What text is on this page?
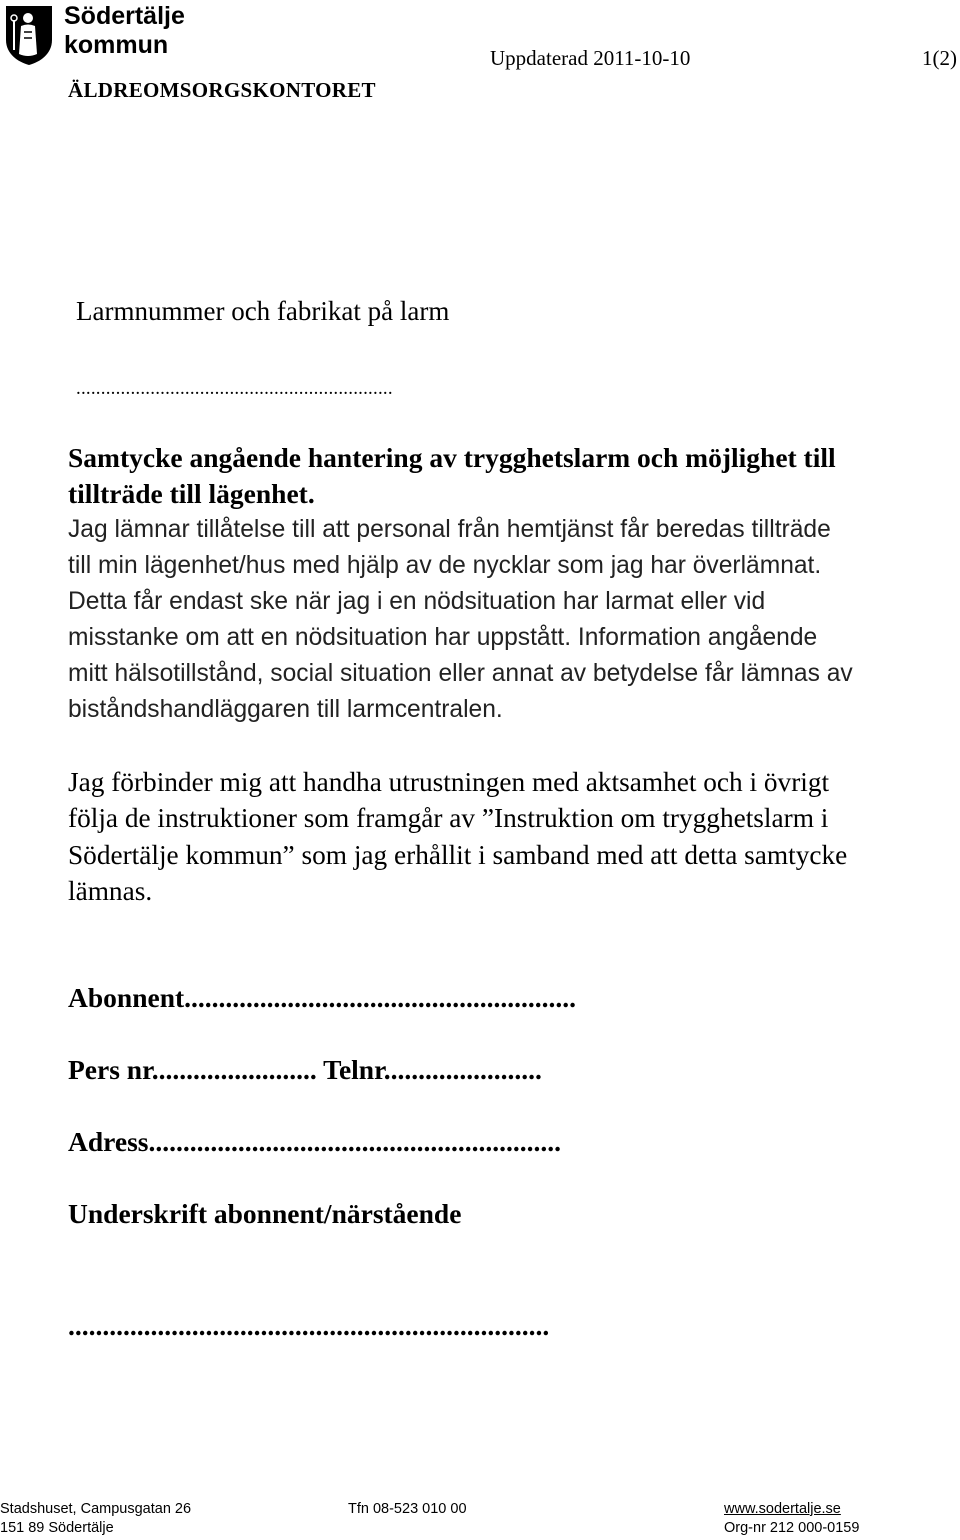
Södertälje
kommun
ÄLDREOMSORGSKONTORET
Uppdaterad 2011-10-10	1(2)
Larmnummer och fabrikat på larm
................................................................
Samtycke angående hantering av trygghetslarm och möjlighet till tillträde till lägenhet.
Jag lämnar tillåtelse till att personal från hemtjänst får beredas tillträde till min lägenhet/hus med hjälp av de nycklar som jag har överlämnat. Detta får endast ske när jag i en nödsituation har larmat eller vid misstanke om att en nödsituation har uppstått. Information angående mitt hälsotillstånd, social situation eller annat av betydelse får lämnas av biståndshandläggaren till larmcentralen.
Jag förbinder mig att handha utrustningen med aktsamhet och i övrigt följa de instruktioner som framgår av ”Instruktion om trygghetslarm i Södertälje kommun” som jag erhållit i samband med att detta samtycke lämnas.
Abonnent.........................................................
Pers nr........................ Telnr.......................
Adress............................................................
Underskrift abonnent/närstående
......................................................................
Stadshuset, Campusgatan 26
151 89 Södertälje
Tfn 08-523 010 00	www.sodertalje.se
Org-nr 212 000-0159
